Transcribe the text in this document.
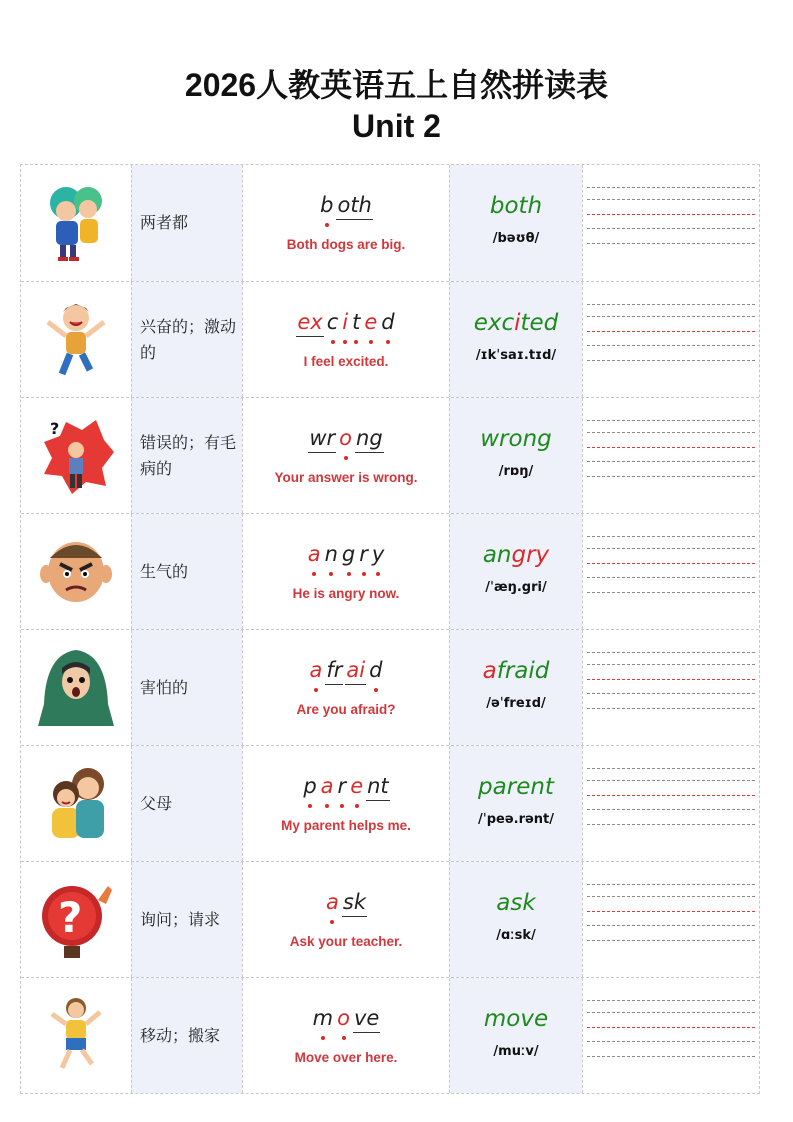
2026人教英语五上自然拼读表
Unit 2
两者都
b oth
Both dogs are big.
both
/bəʊθ/
兴奋的；激动的
ex c i t e d
I feel excited.
excited
/ɪkˈsaɪ.tɪd/
?
错误的；有毛病的
wr o ng
Your answer is wrong.
wrong
/rɒŋ/
生气的
a n g r y
He is angry now.
angry
/ˈæŋ.gri/
害怕的
a fr ai d
Are you afraid?
afraid
/əˈfreɪd/
父母
p a r e nt
My parent helps me.
parent
/ˈpeə.rənt/
?	询问；请求
a sk
Ask your teacher.
ask
/ɑːsk/
移动；搬家
m o ve
Move over here.
move
/muːv/
